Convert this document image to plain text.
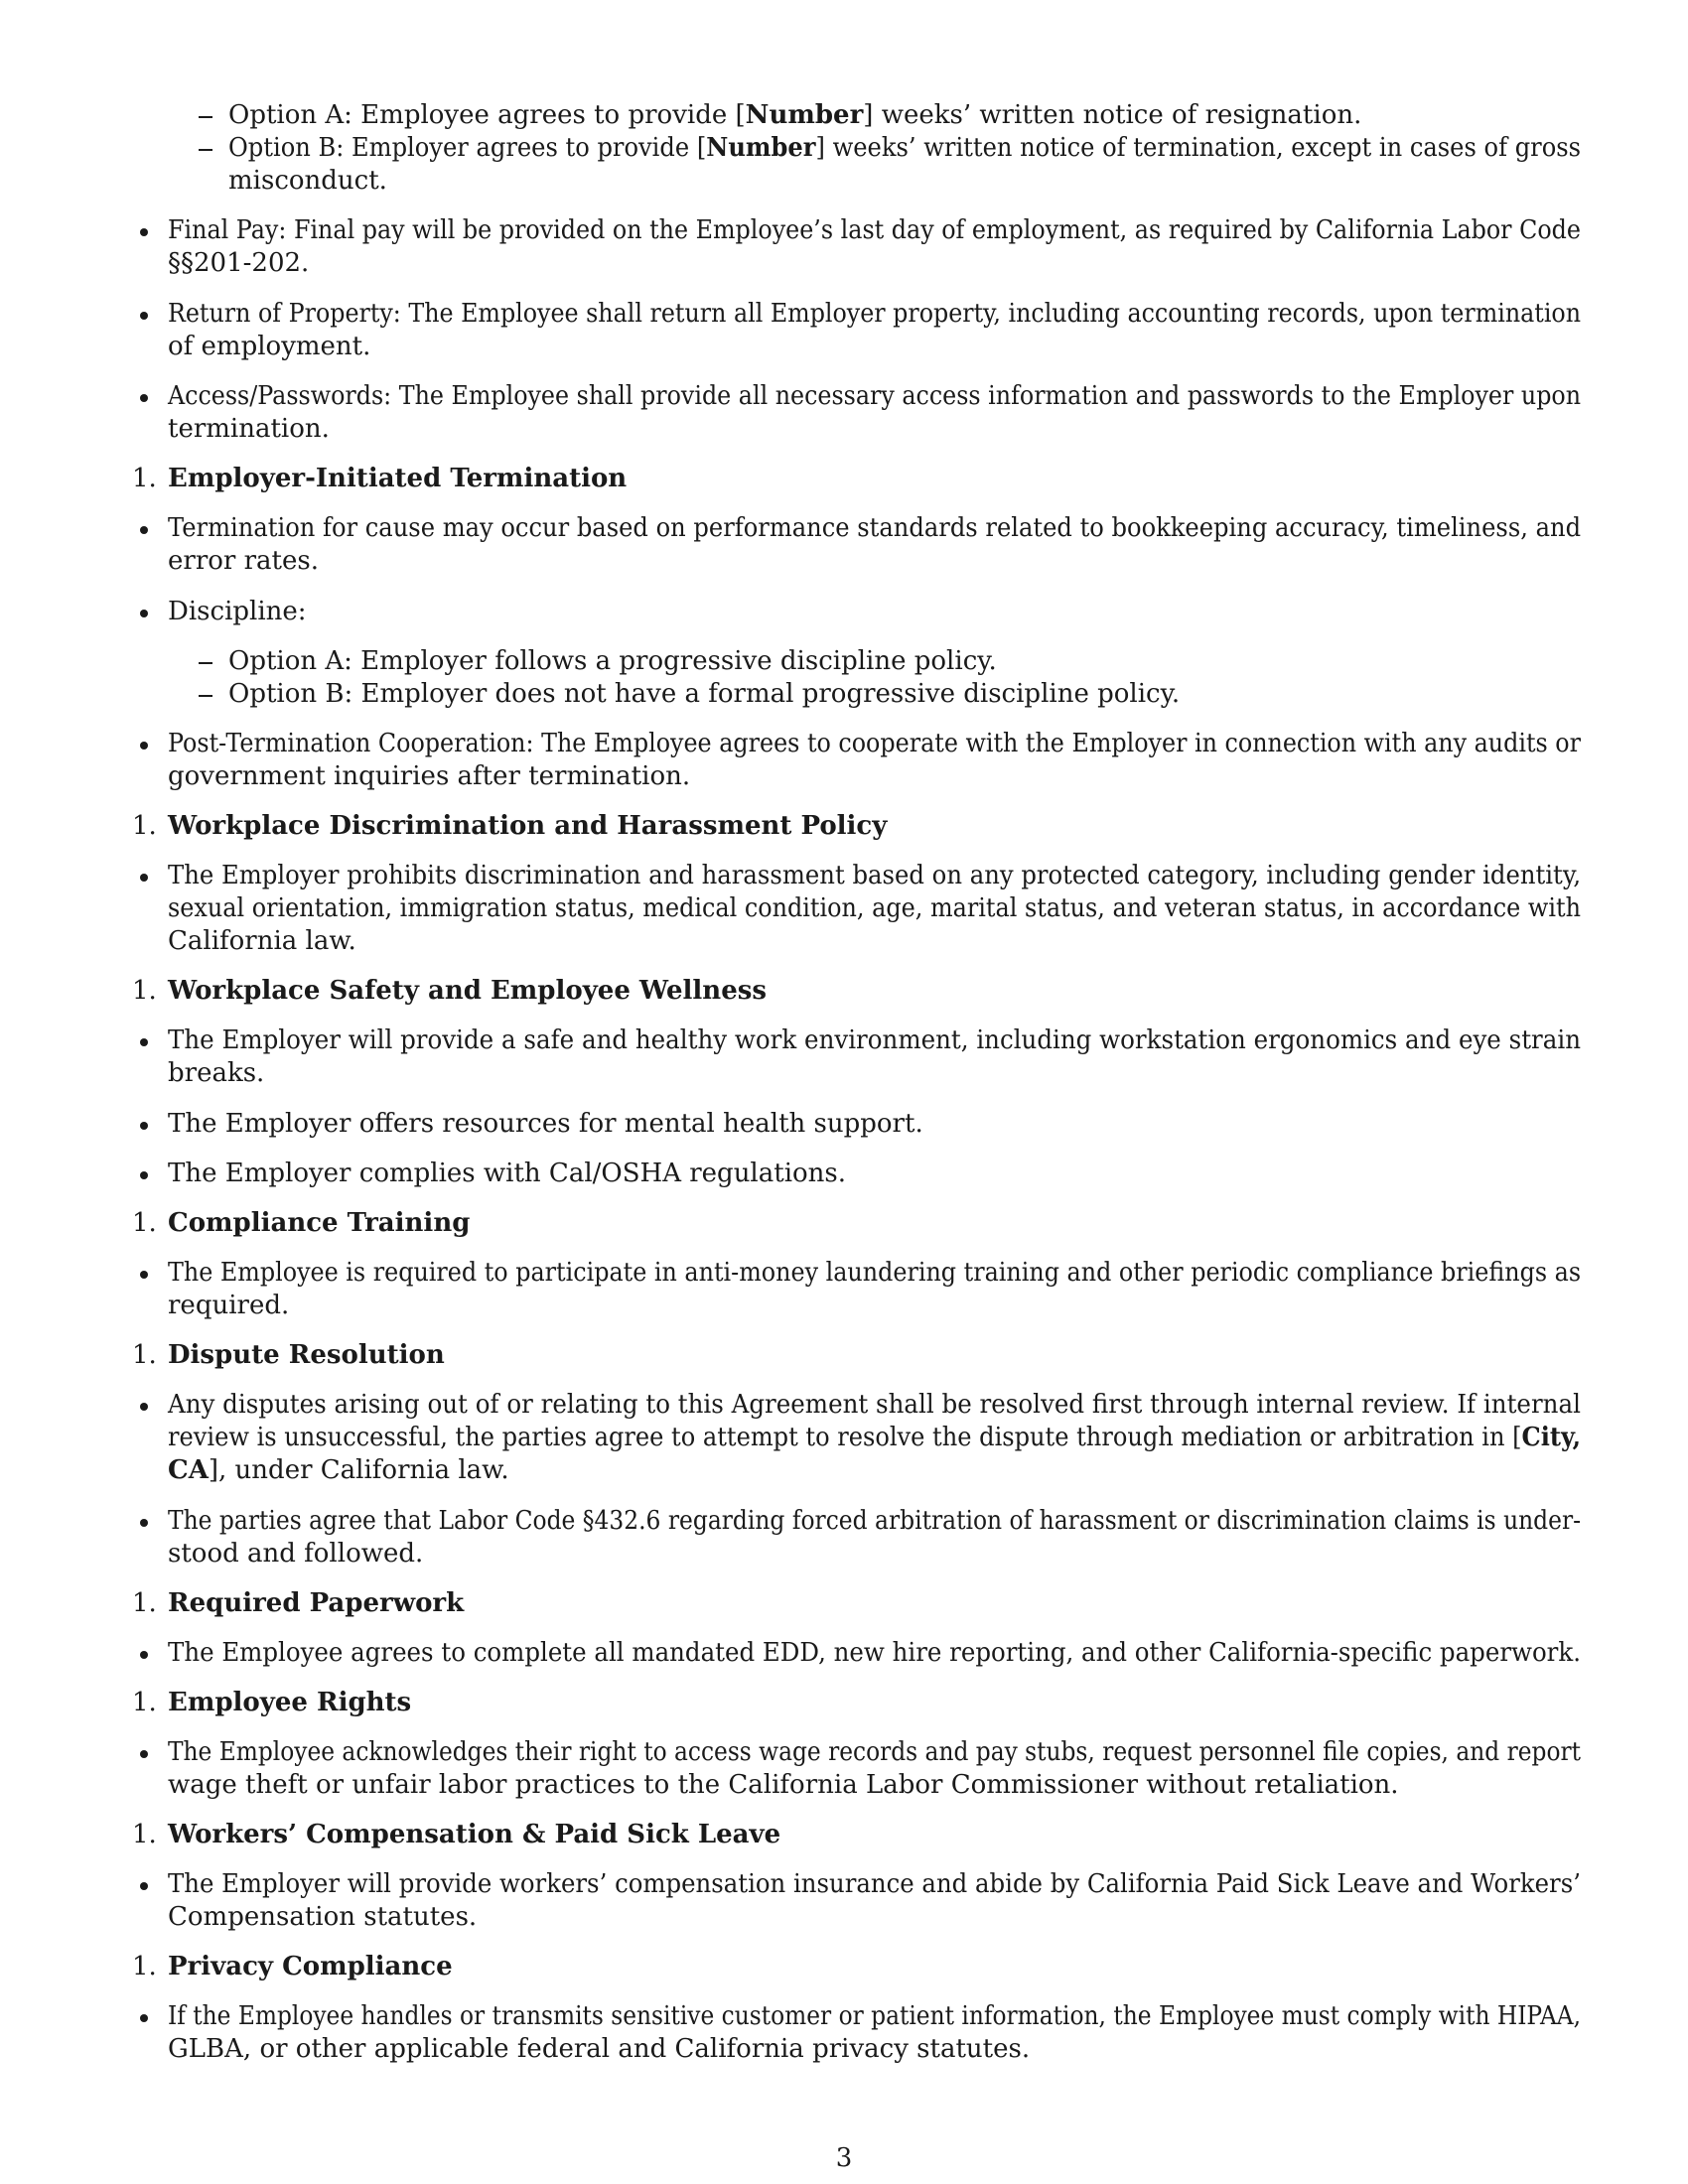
Option A: Employee agrees to provide [Number] weeks’ written notice of resignation.
Option B: Employer agrees to provide [Number] weeks’ written notice of termination, except in cases of gross
misconduct.
Final Pay: Final pay will be provided on the Employee’s last day of employment, as required by California Labor Code
§§201-202.
Return of Property: The Employee shall return all Employer property, including accounting records, upon termination
of employment.
Access/Passwords: The Employee shall provide all necessary access information and passwords to the Employer upon
termination.
1. Employer-Initiated Termination
Termination for cause may occur based on performance standards related to bookkeeping accuracy, timeliness, and
error rates.
Discipline:
Option A: Employer follows a progressive discipline policy.
Option B: Employer does not have a formal progressive discipline policy.
Post-Termination Cooperation: The Employee agrees to cooperate with the Employer in connection with any audits or
government inquiries after termination.
1. Workplace Discrimination and Harassment Policy
The Employer prohibits discrimination and harassment based on any protected category, including gender identity,
sexual orientation, immigration status, medical condition, age, marital status, and veteran status, in accordance with
California law.
1. Workplace Safety and Employee Wellness
The Employer will provide a safe and healthy work environment, including workstation ergonomics and eye strain
breaks.
The Employer offers resources for mental health support.
The Employer complies with Cal/OSHA regulations.
1. Compliance Training
The Employee is required to participate in anti-money laundering training and other periodic compliance briefings as
required.
1. Dispute Resolution
Any disputes arising out of or relating to this Agreement shall be resolved first through internal review. If internal
review is unsuccessful, the parties agree to attempt to resolve the dispute through mediation or arbitration in [City,
CA], under California law.
The parties agree that Labor Code §432.6 regarding forced arbitration of harassment or discrimination claims is under-
stood and followed.
1. Required Paperwork
The Employee agrees to complete all mandated EDD, new hire reporting, and other California-specific paperwork.
1. Employee Rights
The Employee acknowledges their right to access wage records and pay stubs, request personnel file copies, and report
wage theft or unfair labor practices to the California Labor Commissioner without retaliation.
1. Workers’ Compensation & Paid Sick Leave
The Employer will provide workers’ compensation insurance and abide by California Paid Sick Leave and Workers’
Compensation statutes.
1. Privacy Compliance
If the Employee handles or transmits sensitive customer or patient information, the Employee must comply with HIPAA,
GLBA, or other applicable federal and California privacy statutes.
3
